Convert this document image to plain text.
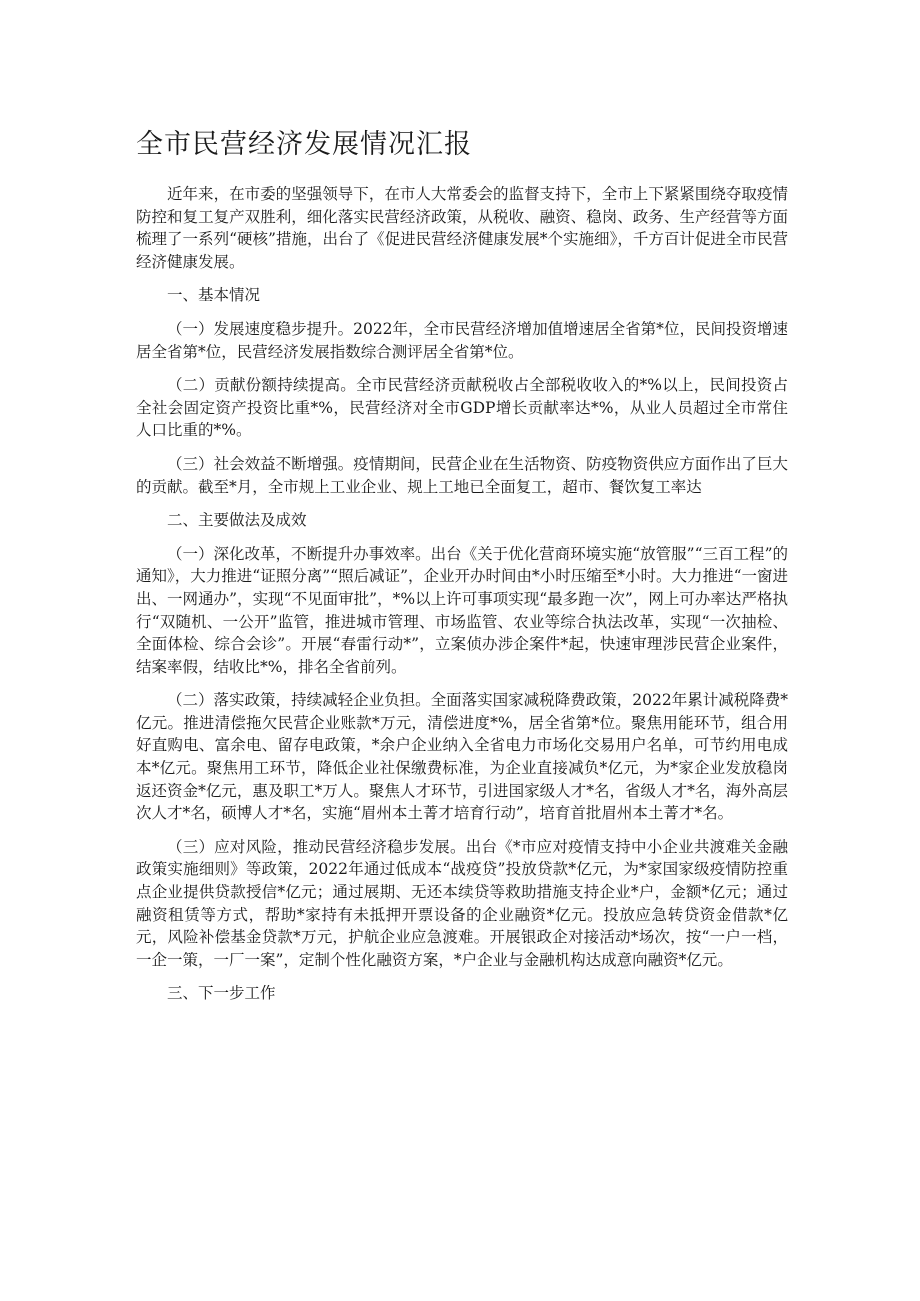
全市民营经济发展情况汇报

近年来，在市委的坚强领导下，在市人大常委会的监督支持下，全市上下紧紧围绕夺取疫情防控和复工复产双胜利，细化落实民营经济政策，从税收、融资、稳岗、政务、生产经营等方面梳理了一系列“硬核”措施，出台了《促进民营经济健康发展*个实施细》，千方百计促进全市民营经济健康发展。

一、基本情况

（一）发展速度稳步提升。2022年，全市民营经济增加值增速居全省第*位，民间投资增速居全省第*位，民营经济发展指数综合测评居全省第*位。

（二）贡献份额持续提高。全市民营经济贡献税收占全部税收收入的*%以上，民间投资占全社会固定资产投资比重*%，民营经济对全市GDP增长贡献率达*%，从业人员超过全市常住人口比重的*%。

（三）社会效益不断增强。疫情期间，民营企业在生活物资、防疫物资供应方面作出了巨大的贡献。截至*月，全市规上工业企业、规上工地已全面复工，超市、餐饮复工率达

二、主要做法及成效

（一）深化改革，不断提升办事效率。出台《关于优化营商环境实施“放管服”“三百工程”的通知》，大力推进“证照分离”“照后减证”，企业开办时间由*小时压缩至*小时。大力推进“一窗进出、一网通办”，实现“不见面审批”，*%以上许可事项实现“最多跑一次”，网上可办率达严格执行“双随机、一公开”监管，推进城市管理、市场监管、农业等综合执法改革，实现“一次抽检、全面体检、综合会诊”。开展“春雷行动*”，立案侦办涉企案件*起，快速审理涉民营企业案件，结案率假，结收比*%，排名全省前列。

（二）落实政策，持续减轻企业负担。全面落实国家减税降费政策，2022年累计减税降费*亿元。推进清偿拖欠民营企业账款*万元，清偿进度*%，居全省第*位。聚焦用能环节，组合用好直购电、富余电、留存电政策，*余户企业纳入全省电力市场化交易用户名单，可节约用电成本*亿元。聚焦用工环节，降低企业社保缴费标准，为企业直接减负*亿元，为*家企业发放稳岗返还资金*亿元，惠及职工*万人。聚焦人才环节，引进国家级人才*名，省级人才*名，海外高层次人才*名，硕博人才*名，实施“眉州本土菁才培育行动”，培育首批眉州本土菁才*名。

（三）应对风险，推动民营经济稳步发展。出台《*市应对疫情支持中小企业共渡难关金融政策实施细则》等政策，2022年通过低成本“战疫贷”投放贷款*亿元，为*家国家级疫情防控重点企业提供贷款授信*亿元；通过展期、无还本续贷等救助措施支持企业*户，金额*亿元；通过融资租赁等方式，帮助*家持有未抵押开票设备的企业融资*亿元。投放应急转贷资金借款*亿元，风险补偿基金贷款*万元，护航企业应急渡难。开展银政企对接活动*场次，按“一户一档，一企一策，一厂一案”，定制个性化融资方案，*户企业与金融机构达成意向融资*亿元。

三、下一步工作
